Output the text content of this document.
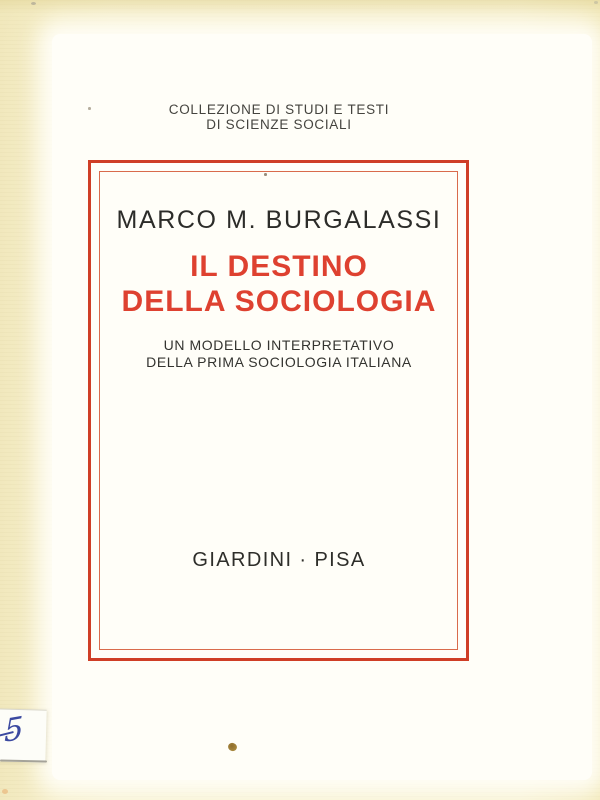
COLLEZIONE DI STUDI E TESTI
DI SCIENZE SOCIALI
MARCO M. BURGALASSI
IL DESTINO
DELLA SOCIOLOGIA
UN MODELLO INTERPRETATIVO
DELLA PRIMA SOCIOLOGIA ITALIANA
GIARDINI · PISA
5
